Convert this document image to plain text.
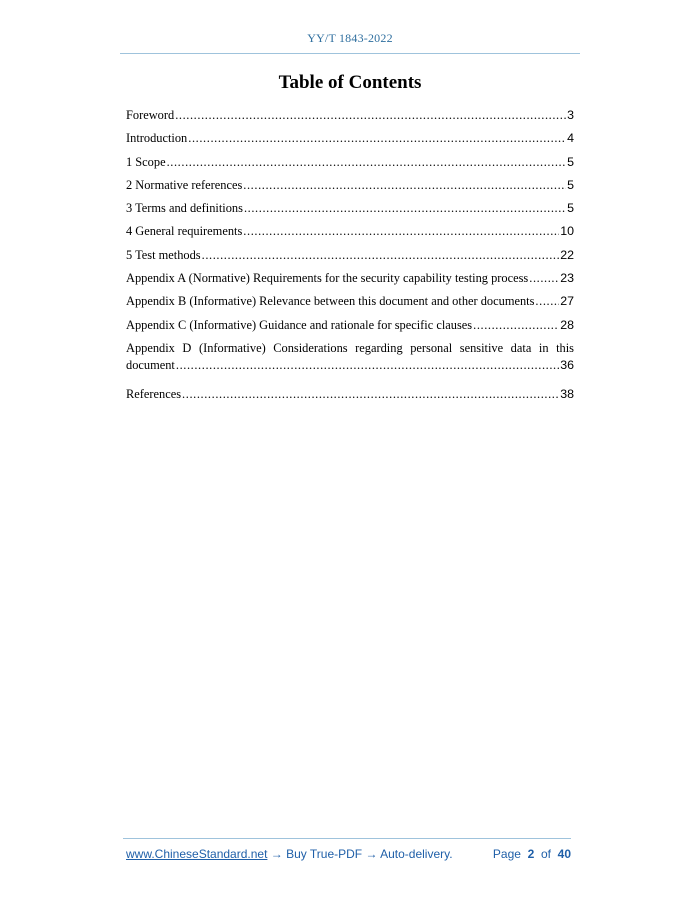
YY/T 1843-2022
Table of Contents
Foreword .....	3
Introduction .....	4
1 Scope .....	5
2 Normative references .....	5
3 Terms and definitions .....	5
4 General requirements .....	10
5 Test methods .....	22
Appendix A (Normative) Requirements for the security capability testing process .....	23
Appendix B (Informative) Relevance between this document and other documents ..... 27
Appendix C (Informative) Guidance and rationale for specific clauses .....	28
Appendix D (Informative) Considerations regarding personal sensitive data in this
document .....	36
References .....	38
www.ChineseStandard.net → Buy True-PDF → Auto-delivery.	Page 2 of 40
